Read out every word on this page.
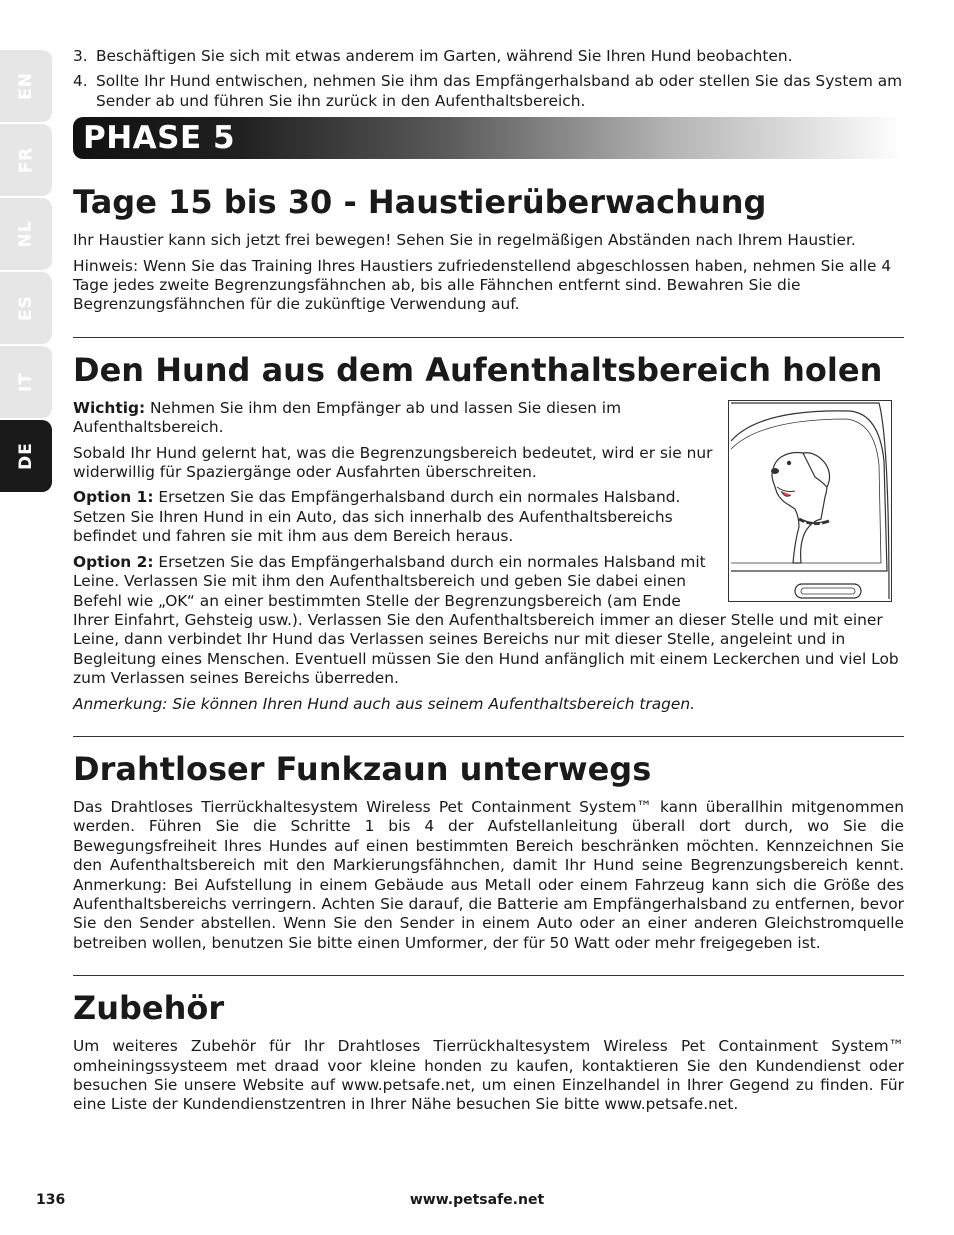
EN
FR
NL
ES
IT
DE
3. Beschäftigen Sie sich mit etwas anderem im Garten, während Sie Ihren Hund beobachten.
4. Sollte Ihr Hund entwischen, nehmen Sie ihm das Empfängerhalsband ab oder stellen Sie das System am Sender ab und führen Sie ihn zurück in den Aufenthaltsbereich.
PHASE 5
Tage 15 bis 30 - Haustierüberwachung

Ihr Haustier kann sich jetzt frei bewegen! Sehen Sie in regelmäßigen Abständen nach Ihrem Haustier.

Hinweis: Wenn Sie das Training Ihres Haustiers zufriedenstellend abgeschlossen haben, nehmen Sie alle 4 Tage jedes zweite Begrenzungsfähnchen ab, bis alle Fähnchen entfernt sind. Bewahren Sie die Begrenzungsfähnchen für die zukünftige Verwendung auf.

Den Hund aus dem Aufenthaltsbereich holen

Wichtig: Nehmen Sie ihm den Empfänger ab und lassen Sie diesen im Aufenthaltsbereich.

Sobald Ihr Hund gelernt hat, was die Begrenzungsbereich bedeutet, wird er sie nur widerwillig für Spaziergänge oder Ausfahrten überschreiten.

Option 1: Ersetzen Sie das Empfängerhalsband durch ein normales Halsband. Setzen Sie Ihren Hund in ein Auto, das sich innerhalb des Aufenthaltsbereichs befindet und fahren sie mit ihm aus dem Bereich heraus.

Option 2: Ersetzen Sie das Empfängerhalsband durch ein normales Halsband mit Leine. Verlassen Sie mit ihm den Aufenthaltsbereich und geben Sie dabei einen Befehl wie „OK“ an einer bestimmten Stelle der Begrenzungsbereich (am Ende Ihrer Einfahrt, Gehsteig usw.). Verlassen Sie den Aufenthaltsbereich immer an dieser Stelle und mit einer Leine, dann verbindet Ihr Hund das Verlassen seines Bereichs nur mit dieser Stelle, angeleint und in Begleitung eines Menschen. Eventuell müssen Sie den Hund anfänglich mit einem Leckerchen und viel Lob zum Verlassen seines Bereichs überreden.

Anmerkung: Sie können Ihren Hund auch aus seinem Aufenthaltsbereich tragen.

Drahtloser Funkzaun unterwegs

Das Drahtloses Tierrückhaltesystem Wireless Pet Containment System™ kann überallhin mitgenommen werden. Führen Sie die Schritte 1 bis 4 der Aufstellanleitung überall dort durch, wo Sie die Bewegungsfreiheit Ihres Hundes auf einen bestimmten Bereich beschränken möchten. Kennzeichnen Sie den Aufenthaltsbereich mit den Markierungsfähnchen, damit Ihr Hund seine Begrenzungsbereich kennt. Anmerkung: Bei Aufstellung in einem Gebäude aus Metall oder einem Fahrzeug kann sich die Größe des Aufenthaltsbereichs verringern. Achten Sie darauf, die Batterie am Empfängerhalsband zu entfernen, bevor Sie den Sender abstellen. Wenn Sie den Sender in einem Auto oder an einer anderen Gleichstromquelle betreiben wollen, benutzen Sie bitte einen Umformer, der für 50 Watt oder mehr freigegeben ist.

Zubehör

Um weiteres Zubehör für Ihr Drahtloses Tierrückhaltesystem Wireless Pet Containment System™ omheiningssysteem met draad voor kleine honden zu kaufen, kontaktieren Sie den Kundendienst oder besuchen Sie unsere Website auf www.petsafe.net, um einen Einzelhandel in Ihrer Gegend zu finden. Für eine Liste der Kundendienstzentren in Ihrer Nähe besuchen Sie bitte www.petsafe.net.

136	www.petsafe.net
